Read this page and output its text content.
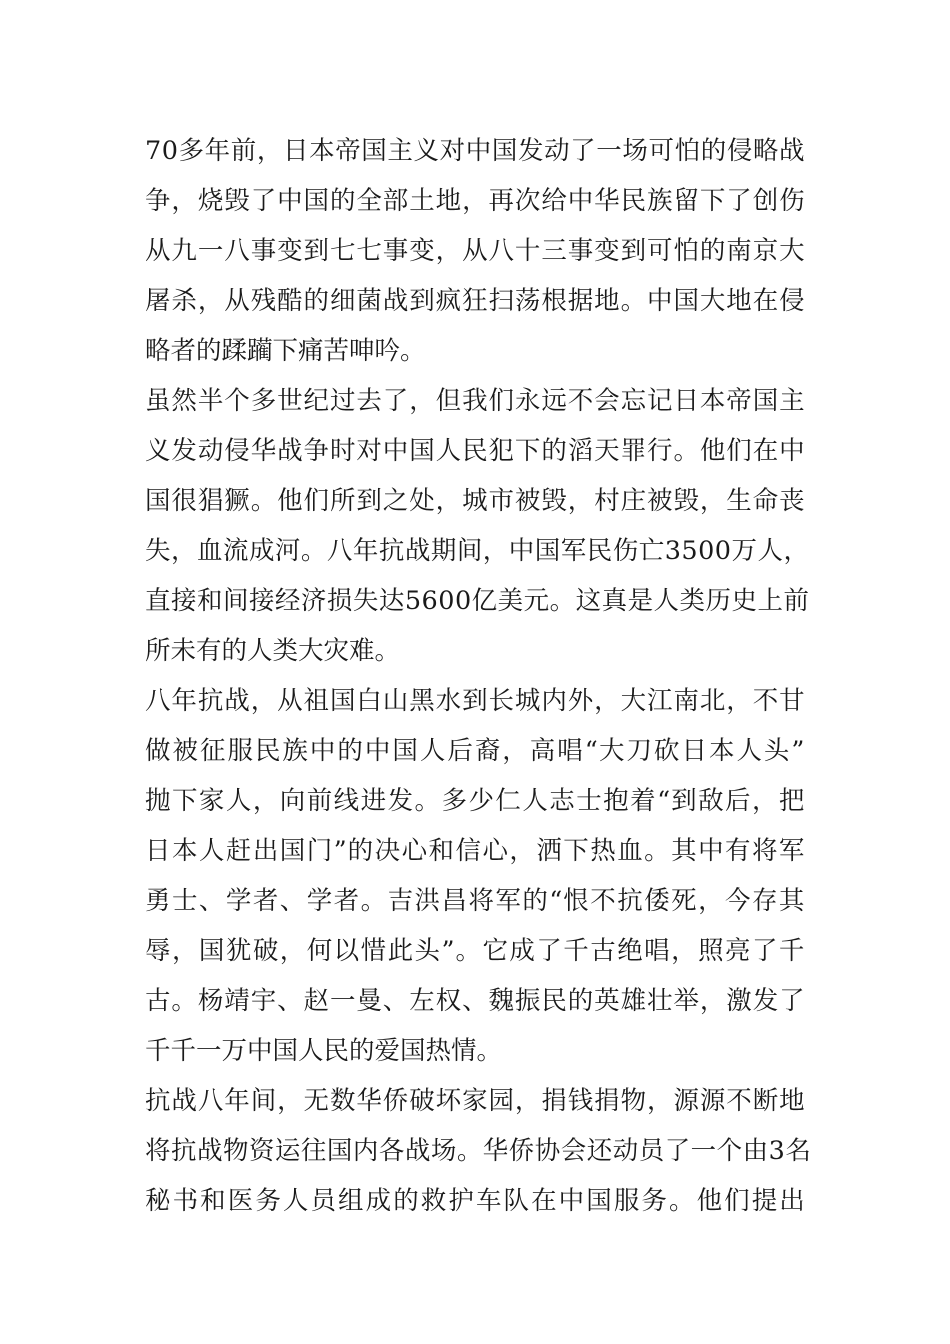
7 0 多 年 前 ， 日 本 帝 国 主 义 对 中 国 发 动 了 一 场 可 怕 的 侵 略 战
争 ， 烧 毁 了 中 国 的 全 部 土 地 ， 再 次 给 中 华 民 族 留 下 了 创 伤
从 九 一 八 事 变 到 七 七 事 变 ， 从 八 十 三 事 变 到 可 怕 的 南 京 大
屠 杀 ， 从 残 酷 的 细 菌 战 到 疯 狂 扫 荡 根 据 地 。 中 国 大 地 在 侵
略者的蹂躏下痛苦呻吟。
虽 然 半 个 多 世 纪 过 去 了 ， 但 我 们 永 远 不 会 忘 记 日 本 帝 国 主
义 发 动 侵 华 战 争 时 对 中 国 人 民 犯 下 的 滔 天 罪 行 。 他 们 在 中
国 很 猖 獗 。 他 们 所 到 之 处 ， 城 市 被 毁 ， 村 庄 被 毁 ， 生 命 丧
失 ， 血 流 成 河 。 八 年 抗 战 期 间 ， 中 国 军 民 伤 亡 3 5 0 0 万 人 ，
直 接 和 间 接 经 济 损 失 达 5 6 0 0 亿 美 元 。 这 真 是 人 类 历 史 上 前
所未有的人类大灾难。
八 年 抗 战 ， 从 祖 国 白 山 黑 水 到 长 城 内 外 ， 大 江 南 北 ， 不 甘
做 被 征 服 民 族 中 的 中 国 人 后 裔 ， 高 唱 “ 大 刀 砍 日 本 人 头 ”
抛 下 家 人 ， 向 前 线 进 发 。 多 少 仁 人 志 士 抱 着 “ 到 敌 后 ， 把
日 本 人 赶 出 国 门 ” 的 决 心 和 信 心 ， 洒 下 热 血 。 其 中 有 将 军
勇 士 、 学 者 、 学 者 。 吉 洪 昌 将 军 的 “ 恨 不 抗 倭 死 ， 今 存 其
辱 ， 国 犹 破 ， 何 以 惜 此 头 ” 。 它 成 了 千 古 绝 唱 ， 照 亮 了 千
古 。 杨 靖 宇 、 赵 一 曼 、 左 权 、 魏 振 民 的 英 雄 壮 举 ， 激 发 了
千千一万中国人民的爱国热情。
抗 战 八 年 间 ， 无 数 华 侨 破 坏 家 园 ， 捐 钱 捐 物 ， 源 源 不 断 地
将 抗 战 物 资 运 往 国 内 各 战 场 。 华 侨 协 会 还 动 员 了 一 个 由 3 名
秘 书 和 医 务 人 员 组 成 的 救 护 车 队 在 中 国 服 务 。 他 们 提 出
